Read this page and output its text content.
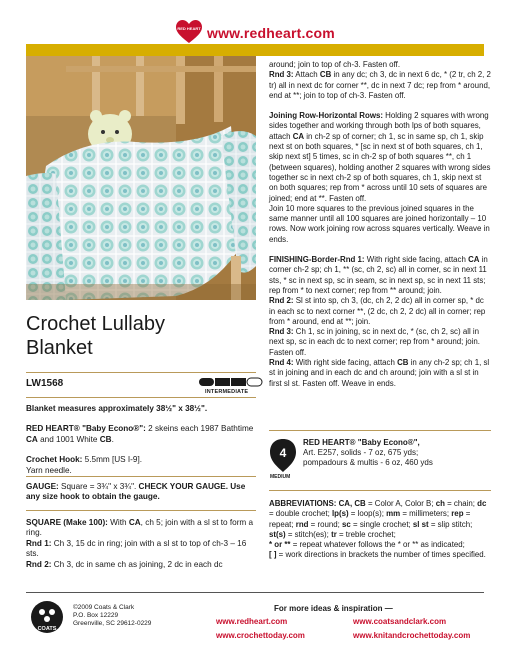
RED HEART www.redheart.com
Crochet Lullaby
Blanket
LW1568
INTERMEDIATE

Blanket measures approximately 38½" x 38½".

RED HEART® "Baby Econo®": 2 skeins each 1987 Bathtime CA and 1001 White CB.

Crochet Hook: 5.5mm [US I-9].

Yarn needle.

GAUGE: Square = 3¾" x 3¾". CHECK YOUR GAUGE. Use any size hook to obtain the gauge.

SQUARE (Make 100): With CA, ch 5; join with a sl st to form a ring.

Rnd 1: Ch 3, 15 dc in ring; join with a sl st to top of ch-3 – 16 sts.

Rnd 2: Ch 3, dc in same ch as joining, 2 dc in each dc

around; join to top of ch-3. Fasten off.

Rnd 3: Attach CB in any dc; ch 3, dc in next 6 dc, * (2 tr, ch 2, 2 tr) all in next dc for corner **, dc in next 7 dc; rep from * around, end at **; join to top of ch-3. Fasten off.

Joining Row-Horizontal Rows: Holding 2 squares with wrong sides together and working through both lps of both squares, attach CA in ch-2 sp of corner; ch 1, sc in same sp, ch 1, skip next st on both squares, * [sc in next st of both squares, ch 1, skip next st] 5 times, sc in ch-2 sp of both squares **, ch 1 (between squares), holding another 2 squares with wrong sides together sc in next ch-2 sp of both squares, ch 1, skip next st on both squares; rep from * across until 10 sets of squares are joined; end at **. Fasten off.

Join 10 more squares to the previous joined squares in the same manner until all 100 squares are joined horizontally – 10 rows. Now work joining row across squares vertically. Weave in ends.

FINISHING-Border-Rnd 1: With right side facing, attach CA in corner ch-2 sp; ch 1, ** (sc, ch 2, sc) all in corner, sc in next 11 sts, * sc in next sp, sc in seam, sc in next sp, sc in next 11 sts; rep from * to next corner; rep from ** around; join.

Rnd 2: Sl st into sp, ch 3, (dc, ch 2, 2 dc) all in corner sp, * dc in each sc to next corner **, (2 dc, ch 2, 2 dc) all in corner; rep from * around, end at **; join.

Rnd 3: Ch 1, sc in joining, sc in next dc, * (sc, ch 2, sc) all in next sp, sc in each dc to next corner; rep from * around; join. Fasten off.

Rnd 4: With right side facing, attach CB in any ch-2 sp; ch 1, sl st in joining and in each dc and ch around; join with a sl st in first sl st. Fasten off. Weave in ends.

4
MEDIUM
RED HEART® "Baby Econo®",
Art. E257, solids - 7 oz, 675 yds;
pompadours & multis - 6 oz, 460 yds
ABBREVIATIONS: CA, CB = Color A, Color B; ch = chain; dc = double crochet; lp(s) = loop(s); mm = millimeters; rep = repeat; rnd = round; sc = single crochet; sl st = slip stitch; st(s) = stitch(es); tr = treble crochet;
* or ** = repeat whatever follows the * or ** as indicated;
[ ] = work directions in brackets the number of times specified.
COATS
©2009 Coats & Clark
P.O. Box 12229
Greenville, SC 29612-0229
For more ideas & inspiration —
www.redheart.com	www.coatsandclark.com
www.crochettoday.com	www.knitandcrochettoday.com
